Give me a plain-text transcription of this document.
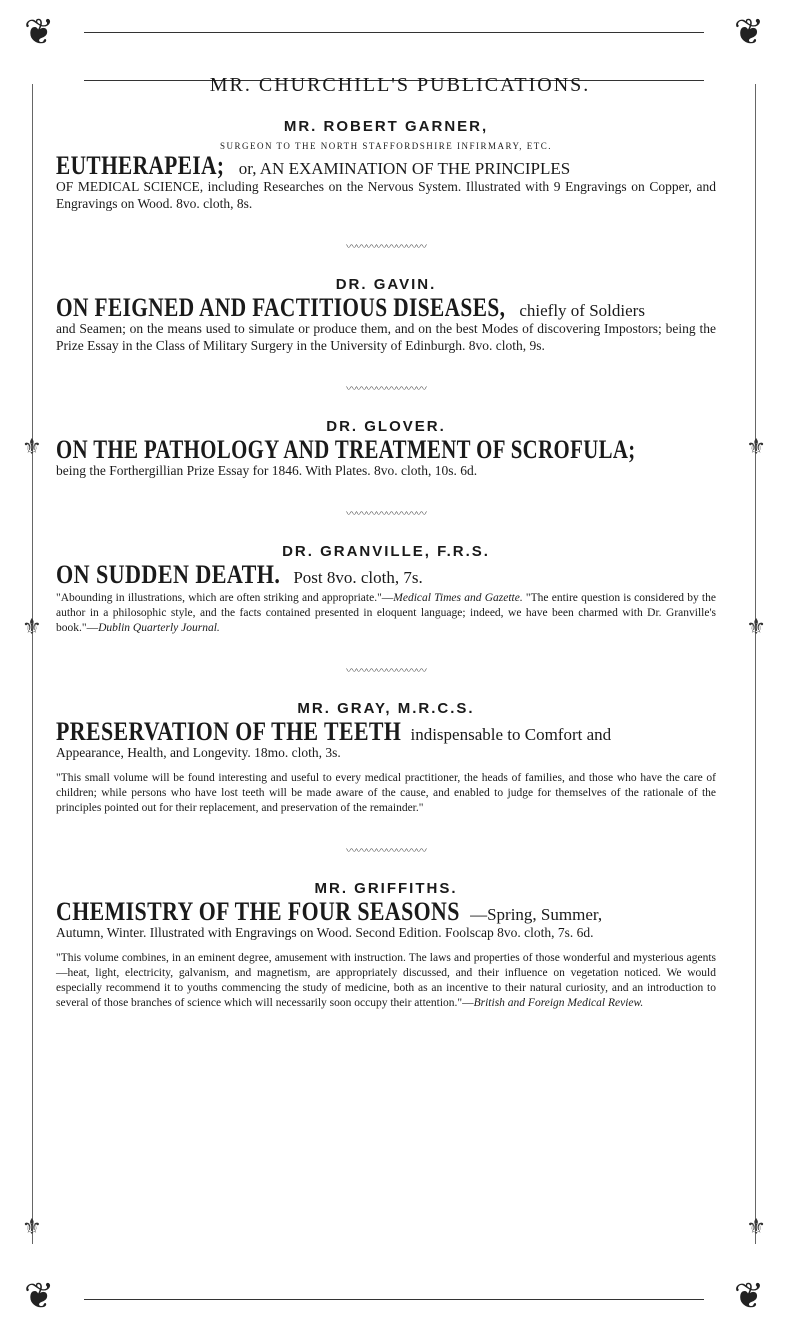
❦	❦
❦	❦
⚜
⚜
⚜
⚜
⚜	⚜
MR. CHURCHILL'S PUBLICATIONS.
MR. ROBERT GARNER,
SURGEON TO THE NORTH STAFFORDSHIRE INFIRMARY, ETC.
EUTHERAPEIA; or, AN EXAMINATION OF THE PRINCIPLES
OF MEDICAL SCIENCE, including Researches on the Nervous System. Illustrated with 9 Engravings on Copper, and Engravings on Wood. 8vo. cloth, 8s.
〰〰〰〰〰〰〰〰
DR. GAVIN.
ON FEIGNED AND FACTITIOUS DISEASES, chiefly of Soldiers
and Seamen; on the means used to simulate or produce them, and on the best Modes of discovering Impostors; being the Prize Essay in the Class of Military Surgery in the University of Edinburgh. 8vo. cloth, 9s.
〰〰〰〰〰〰〰〰
DR. GLOVER.
ON THE PATHOLOGY AND TREATMENT OF SCROFULA;
being the Forthergillian Prize Essay for 1846. With Plates. 8vo. cloth, 10s. 6d.
〰〰〰〰〰〰〰〰
DR. GRANVILLE, F.R.S.
ON SUDDEN DEATH. Post 8vo. cloth, 7s.
"Abounding in illustrations, which are often striking and appropriate."—Medical Times and Gazette. "The entire question is considered by the author in a philosophic style, and the facts contained presented in eloquent language; indeed, we have been charmed with Dr. Granville's book."—Dublin Quarterly Journal.
〰〰〰〰〰〰〰〰
MR. GRAY, M.R.C.S.
PRESERVATION OF THE TEETH indispensable to Comfort and
Appearance, Health, and Longevity. 18mo. cloth, 3s.
"This small volume will be found interesting and useful to every medical practitioner, the heads of families, and those who have the care of children; while persons who have lost teeth will be made aware of the cause, and enabled to judge for themselves of the rationale of the principles pointed out for their replacement, and preservation of the remainder."
〰〰〰〰〰〰〰〰
MR. GRIFFITHS.
CHEMISTRY OF THE FOUR SEASONS —Spring, Summer,
Autumn, Winter. Illustrated with Engravings on Wood. Second Edition. Foolscap 8vo. cloth, 7s. 6d.
"This volume combines, in an eminent degree, amusement with instruction. The laws and properties of those wonderful and mysterious agents—heat, light, electricity, galvanism, and magnetism, are appropriately discussed, and their influence on vegetation noticed. We would especially recommend it to youths commencing the study of medicine, both as an incentive to their natural curiosity, and an introduction to several of those branches of science which will necessarily soon occupy their attention."—British and Foreign Medical Review.
